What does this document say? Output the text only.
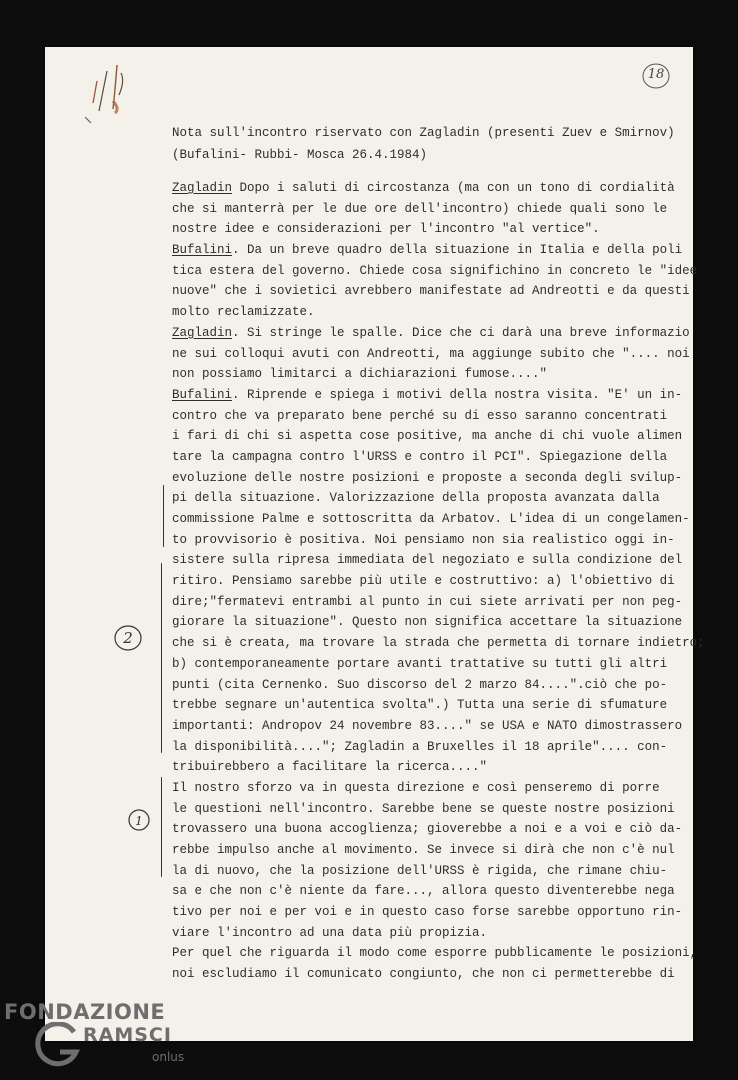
18
Nota sull'incontro riservato con Zagladin (presenti Zuev e Smirnov)
(Bufalini- Rubbi- Mosca 26.4.1984)
Zagladin Dopo i saluti di circostanza (ma con un tono di cordialità
che si manterrà per le due ore dell'incontro) chiede quali sono le
nostre idee e considerazioni per l'incontro "al vertice".
Bufalini. Da un breve quadro della situazione in Italia e della poli
tica estera del governo. Chiede cosa significhino in concreto le "idee
nuove" che i sovietici avrebbero manifestate ad Andreotti e da questi
molto reclamizzate.
Zagladin. Si stringe le spalle. Dice che ci darà una breve informazio
ne sui colloqui avuti con Andreotti, ma aggiunge subito che ".... noi
non possiamo limitarci a dichiarazioni fumose...."
Bufalini. Riprende e spiega i motivi della nostra visita. "E' un in-
contro che va preparato bene perché su di esso saranno concentrati
i fari di chi si aspetta cose positive, ma anche di chi vuole alimen
tare la campagna contro l'URSS e contro il PCI". Spiegazione della
evoluzione delle nostre posizioni e proposte a seconda degli svilup-
pi della situazione. Valorizzazione della proposta avanzata dalla
commissione Palme e sottoscritta da Arbatov. L'idea di un congelamen-
to provvisorio è positiva. Noi pensiamo non sia realistico oggi in-
sistere sulla ripresa immediata del negoziato e sulla condizione del
ritiro. Pensiamo sarebbe più utile e costruttivo: a) l'obiettivo di
dire;"fermatevi entrambi al punto in cui siete arrivati per non peg-
giorare la situazione". Questo non significa accettare la situazione
che si è creata, ma trovare la strada che permetta di tornare indietro;
b) contemporaneamente portare avanti trattative su tutti gli altri
punti (cita Cernenko. Suo discorso del 2 marzo 84....".ciò che po-
trebbe segnare un'autentica svolta".) Tutta una serie di sfumature
importanti: Andropov 24 novembre 83...." se USA e NATO dimostrassero
la disponibilità...."; Zagladin a Bruxelles il 18 aprile".... con-
tribuirebbero a facilitare la ricerca...."
Il nostro sforzo va in questa direzione e così penseremo di porre
le questioni nell'incontro. Sarebbe bene se queste nostre posizioni
trovassero una buona accoglienza; gioverebbe a noi e a voi e ciò da-
rebbe impulso anche al movimento. Se invece si dirà che non c'è nul
la di nuovo, che la posizione dell'URSS è rigida, che rimane chiu-
sa e che non c'è niente da fare..., allora questo diventerebbe nega
tivo per noi e per voi e in questo caso forse sarebbe opportuno rin-
viare l'incontro ad una data più propizia.
Per quel che riguarda il modo come esporre pubblicamente le posizioni,
noi escludiamo il comunicato congiunto, che non ci permetterebbe di
2
1
FONDAZIONE
RAMSCI
onlus
